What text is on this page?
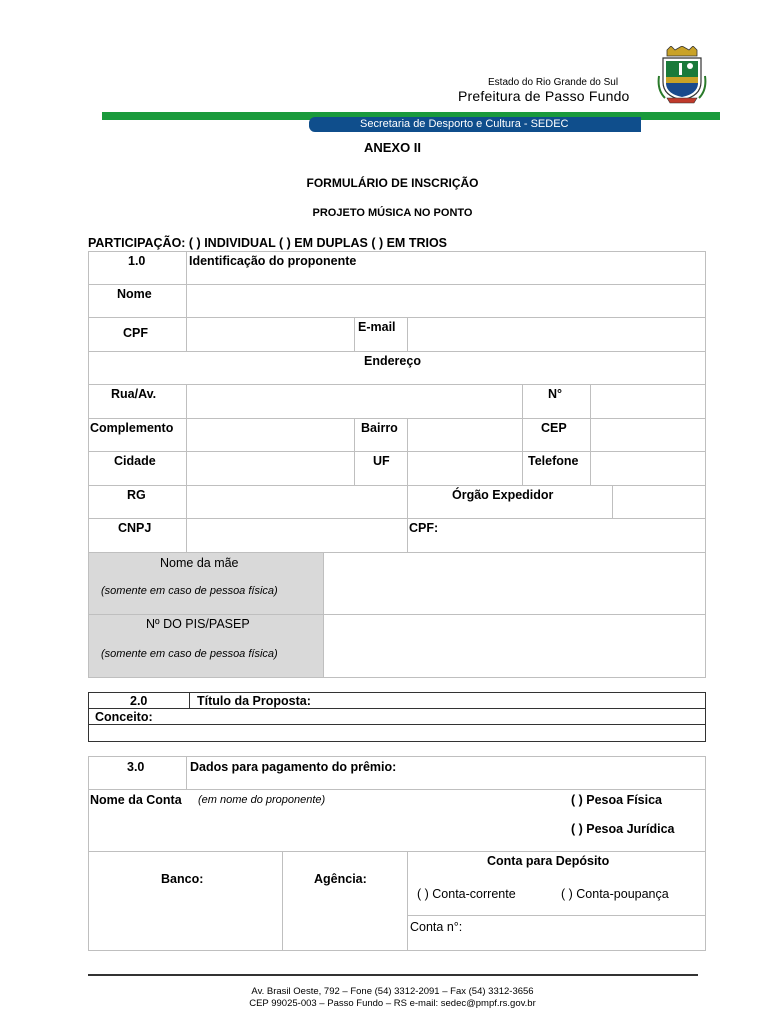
Estado do Rio Grande do Sul
Prefeitura de Passo Fundo
Secretaria de Desporto e Cultura - SEDEC
ANEXO II
FORMULÁRIO DE INSCRIÇÃO
PROJETO MÚSICA NO PONTO
PARTICIPAÇÃO: ( ) INDIVIDUAL ( ) EM DUPLAS ( ) EM TRIOS
1.0	Identificação do proponente
Nome
CPF	E-mail
Endereço
Rua/Av.	N°
Complemento	Bairro	CEP
Cidade	UF	Telefone
RG	Órgão Expedidor
CNPJ	CPF:
Nome da mãe
(somente em caso de pessoa física)
Nº DO PIS/PASEP
(somente em caso de pessoa física)
2.0	Título da Proposta:
Conceito:
3.0	Dados para pagamento do prêmio:
Nome da Conta (em nome do proponente)	( ) Pesoa Física
( ) Pesoa Jurídica
Banco:	Agência:
Conta para Depósito
( ) Conta-corrente	( ) Conta-poupança
Conta n°:
Av. Brasil Oeste, 792 – Fone (54) 3312-2091 – Fax (54) 3312-3656
CEP 99025-003 – Passo Fundo – RS e-mail: sedec@pmpf.rs.gov.br
